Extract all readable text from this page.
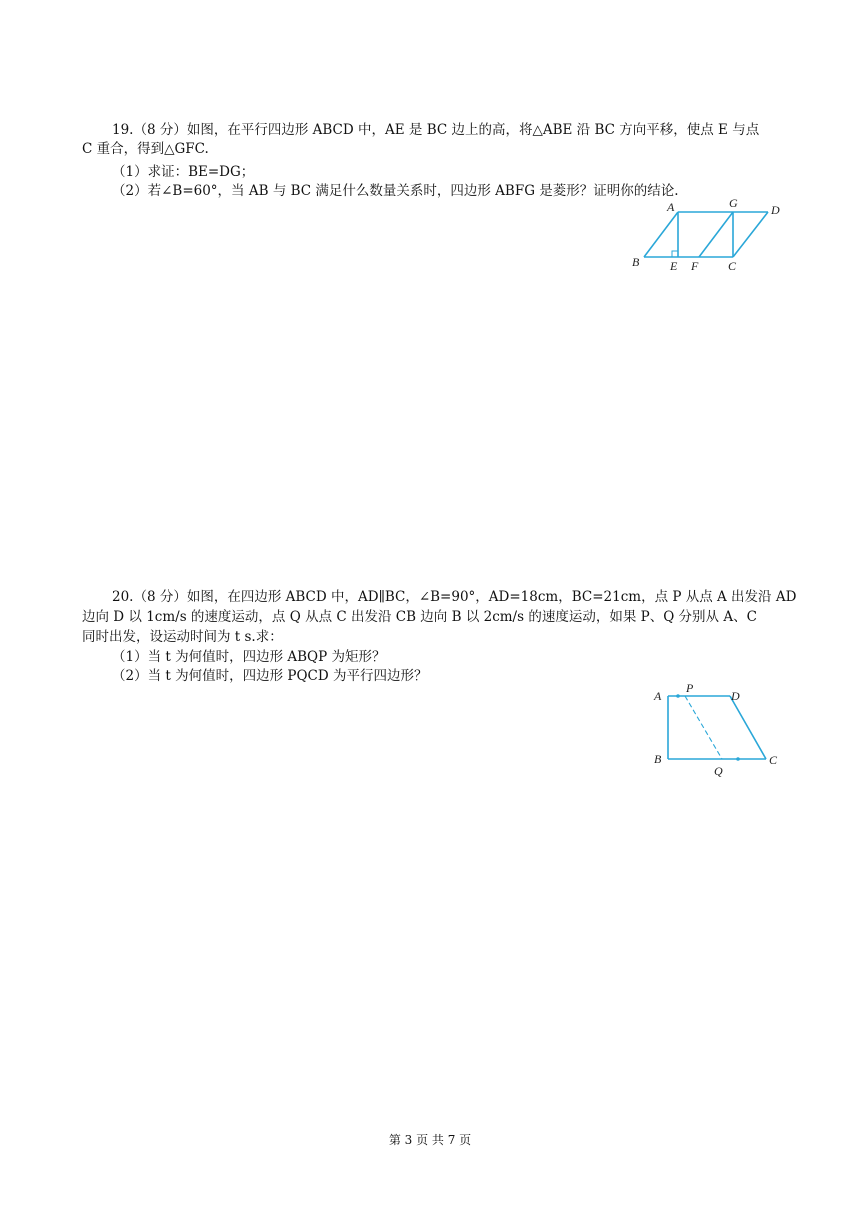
19.（8 分）如图，在平行四边形 ABCD 中，AE 是 BC 边上的高，将△ABE 沿 BC 方向平移，使点 E 与点
C 重合，得到△GFC.
（1）求证：BE=DG；
（2）若∠B=60°，当 AB 与 BC 满足什么数量关系时，四边形 ABFG 是菱形？证明你的结论.
A	G	D
B	E F C
20.（8 分）如图，在四边形 ABCD 中，AD∥BC，∠B=90°，AD=18cm，BC=21cm，点 P 从点 A 出发沿 AD
边向 D 以 1cm/s 的速度运动，点 Q 从点 C 出发沿 CB 边向 B 以 2cm/s 的速度运动，如果 P、Q 分别从 A、C
同时出发，设运动时间为 t s.求：
（1）当 t 为何值时，四边形 ABQP 为矩形？
（2）当 t 为何值时，四边形 PQCD 为平行四边形？
A
P
D
B
Q
C
第 3 页 共 7 页
